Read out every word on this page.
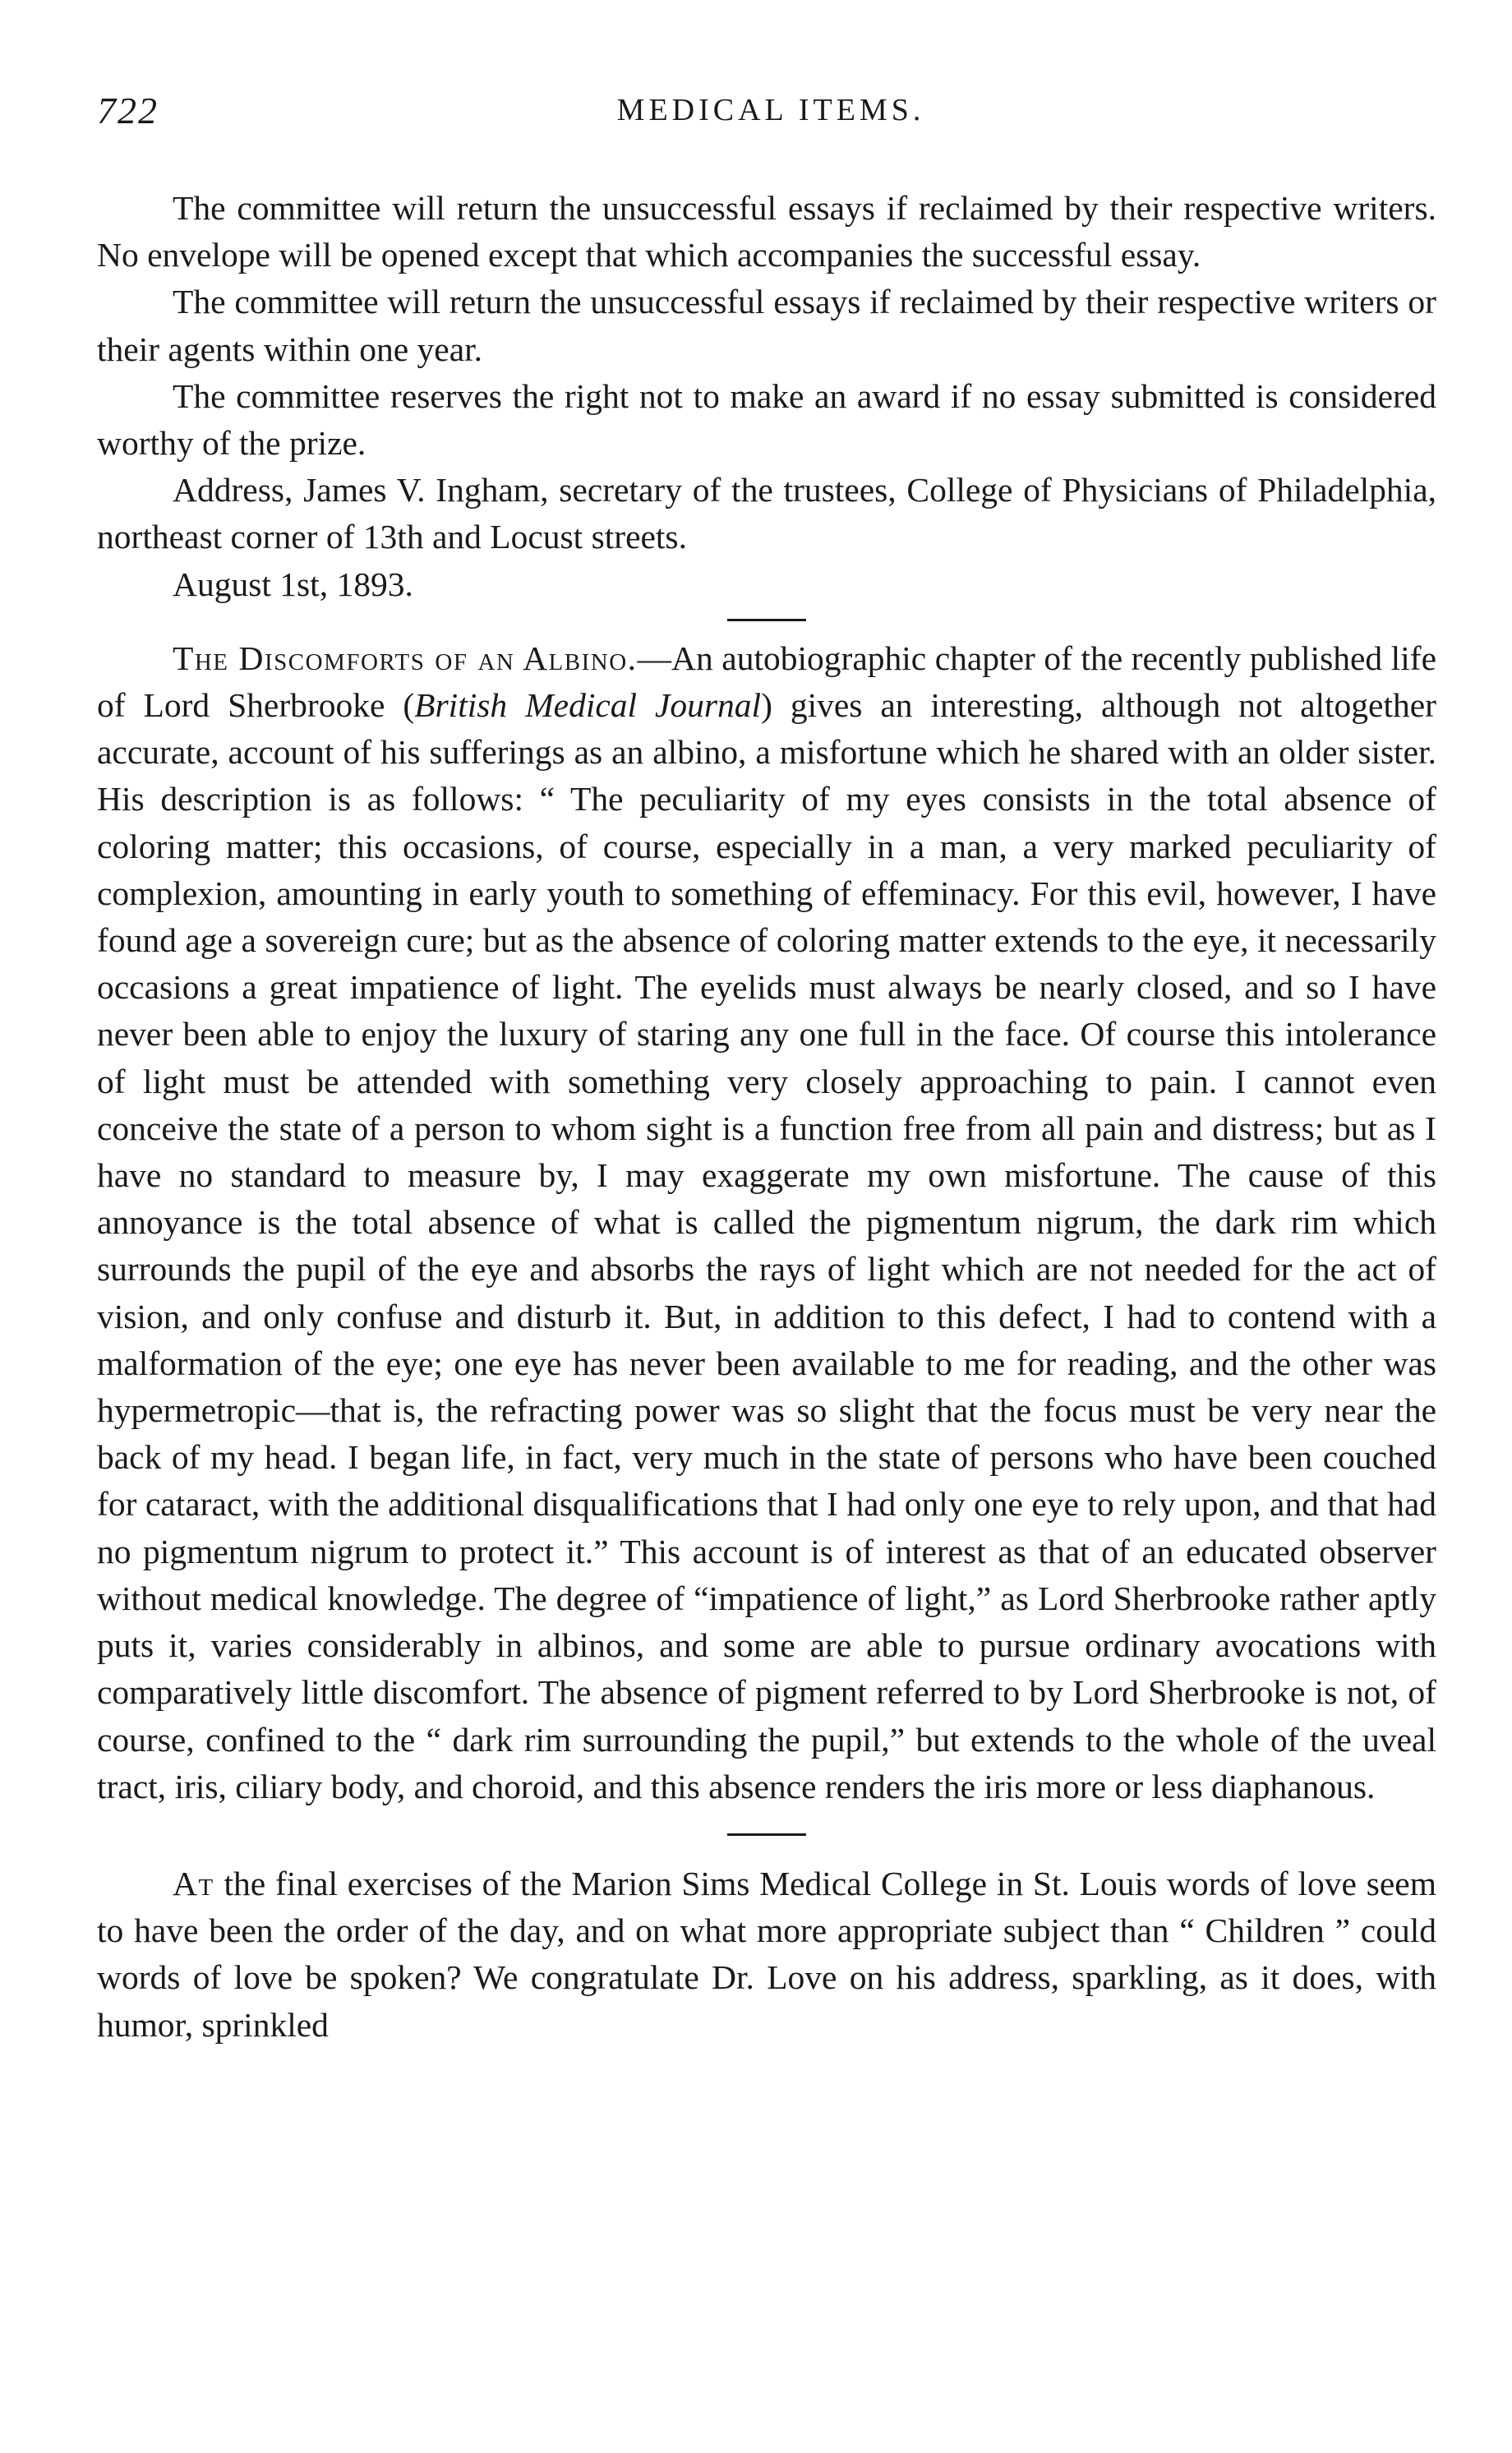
722	MEDICAL ITEMS.

The committee will return the unsuccessful essays if reclaimed by their respective writers. No envelope will be opened except that which accompanies the successful essay.

The committee will return the unsuccessful essays if reclaimed by their respective writers or their agents within one year.

The committee reserves the right not to make an award if no essay submitted is considered worthy of the prize.

Address, James V. Ingham, secretary of the trustees, College of Physicians of Philadelphia, northeast corner of 13th and Locust streets.

August 1st, 1893.

The Discomforts of an Albino.—An autobiographic chapter of the recently published life of Lord Sherbrooke (British Medical Journal) gives an interesting, although not altogether accurate, account of his sufferings as an albino, a misfortune which he shared with an older sister. His description is as follows: “ The peculiarity of my eyes consists in the total absence of coloring matter; this occasions, of course, especially in a man, a very marked peculiarity of complexion, amounting in early youth to something of effeminacy. For this evil, however, I have found age a sovereign cure; but as the absence of coloring matter extends to the eye, it necessarily occasions a great impatience of light. The eyelids must always be nearly closed, and so I have never been able to enjoy the luxury of staring any one full in the face. Of course this intolerance of light must be attended with something very closely approaching to pain. I cannot even conceive the state of a person to whom sight is a function free from all pain and distress; but as I have no standard to measure by, I may exaggerate my own misfortune. The cause of this annoyance is the total absence of what is called the pigmentum nigrum, the dark rim which surrounds the pupil of the eye and absorbs the rays of light which are not needed for the act of vision, and only confuse and disturb it. But, in addition to this defect, I had to contend with a malformation of the eye; one eye has never been available to me for reading, and the other was hypermetropic—that is, the refracting power was so slight that the focus must be very near the back of my head. I began life, in fact, very much in the state of persons who have been couched for cataract, with the additional disqualifications that I had only one eye to rely upon, and that had no pigmentum nigrum to protect it.” This account is of interest as that of an educated observer without medical knowledge. The degree of “impatience of light,” as Lord Sherbrooke rather aptly puts it, varies considerably in albinos, and some are able to pursue ordinary avocations with comparatively little discomfort. The absence of pigment referred to by Lord Sherbrooke is not, of course, confined to the “ dark rim surrounding the pupil,” but extends to the whole of the uveal tract, iris, ciliary body, and choroid, and this absence renders the iris more or less diaphanous.

At the final exercises of the Marion Sims Medical College in St. Louis words of love seem to have been the order of the day, and on what more appropriate subject than “ Children ” could words of love be spoken? We congratulate Dr. Love on his address, sparkling, as it does, with humor, sprinkled
